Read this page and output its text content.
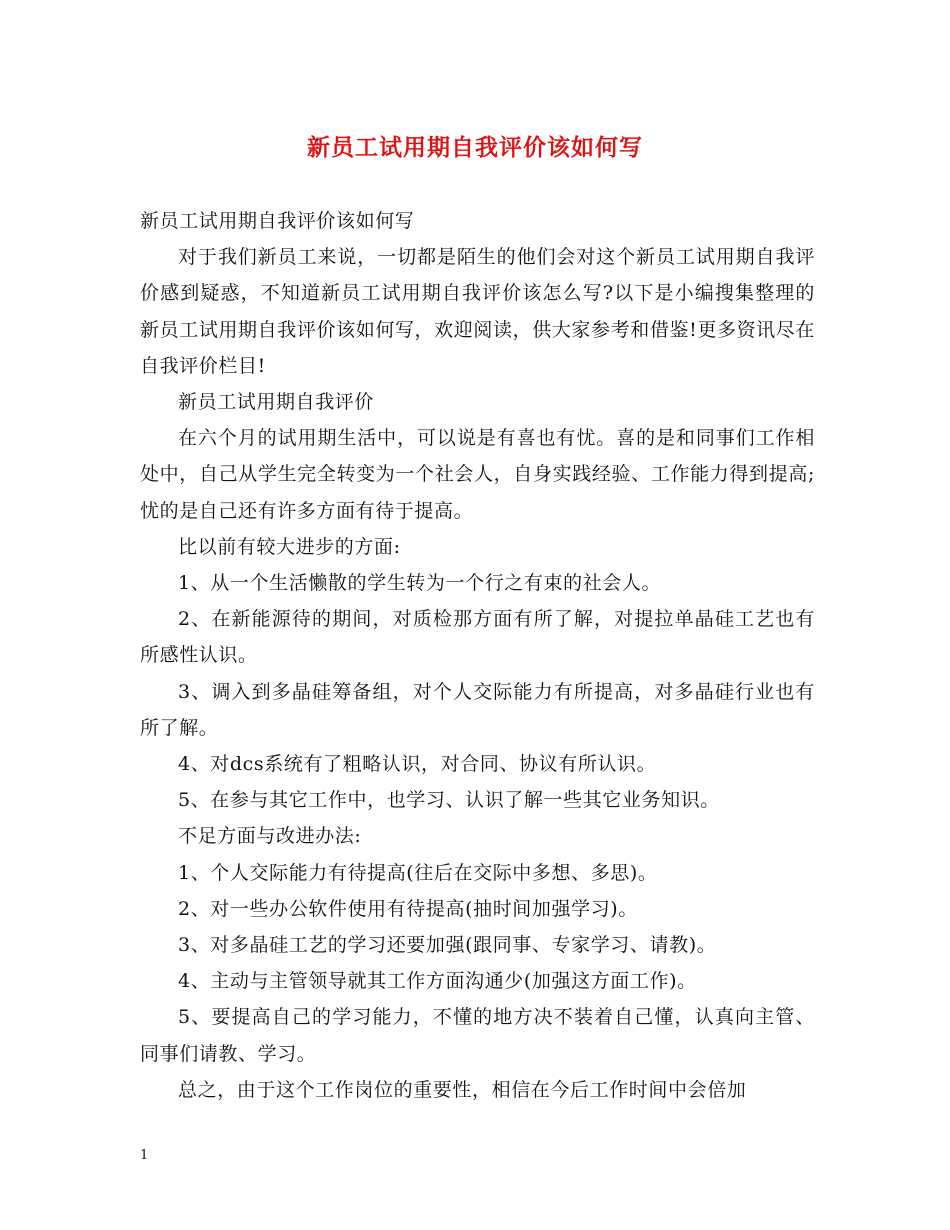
新员工试用期自我评价该如何写

新员工试用期自我评价该如何写

对于我们新员工来说，一切都是陌生的他们会对这个新员工试用期自我评价感到疑惑，不知道新员工试用期自我评价该怎么写?以下是小编搜集整理的新员工试用期自我评价该如何写，欢迎阅读，供大家参考和借鉴!更多资讯尽在自我评价栏目!

新员工试用期自我评价

在六个月的试用期生活中，可以说是有喜也有忧。喜的是和同事们工作相处中，自己从学生完全转变为一个社会人，自身实践经验、工作能力得到提高;忧的是自己还有许多方面有待于提高。

比以前有较大进步的方面:

1、从一个生活懒散的学生转为一个行之有束的社会人。

2、在新能源待的期间，对质检那方面有所了解，对提拉单晶硅工艺也有所感性认识。

3、调入到多晶硅筹备组，对个人交际能力有所提高，对多晶硅行业也有所了解。

4、对dcs系统有了粗略认识，对合同、协议有所认识。

5、在参与其它工作中，也学习、认识了解一些其它业务知识。

不足方面与改进办法:

1、个人交际能力有待提高(往后在交际中多想、多思)。

2、对一些办公软件使用有待提高(抽时间加强学习)。

3、对多晶硅工艺的学习还要加强(跟同事、专家学习、请教)。

4、主动与主管领导就其工作方面沟通少(加强这方面工作)。

5、要提高自己的学习能力，不懂的地方决不装着自己懂，认真向主管、同事们请教、学习。

总之，由于这个工作岗位的重要性，相信在今后工作时间中会倍加

1
